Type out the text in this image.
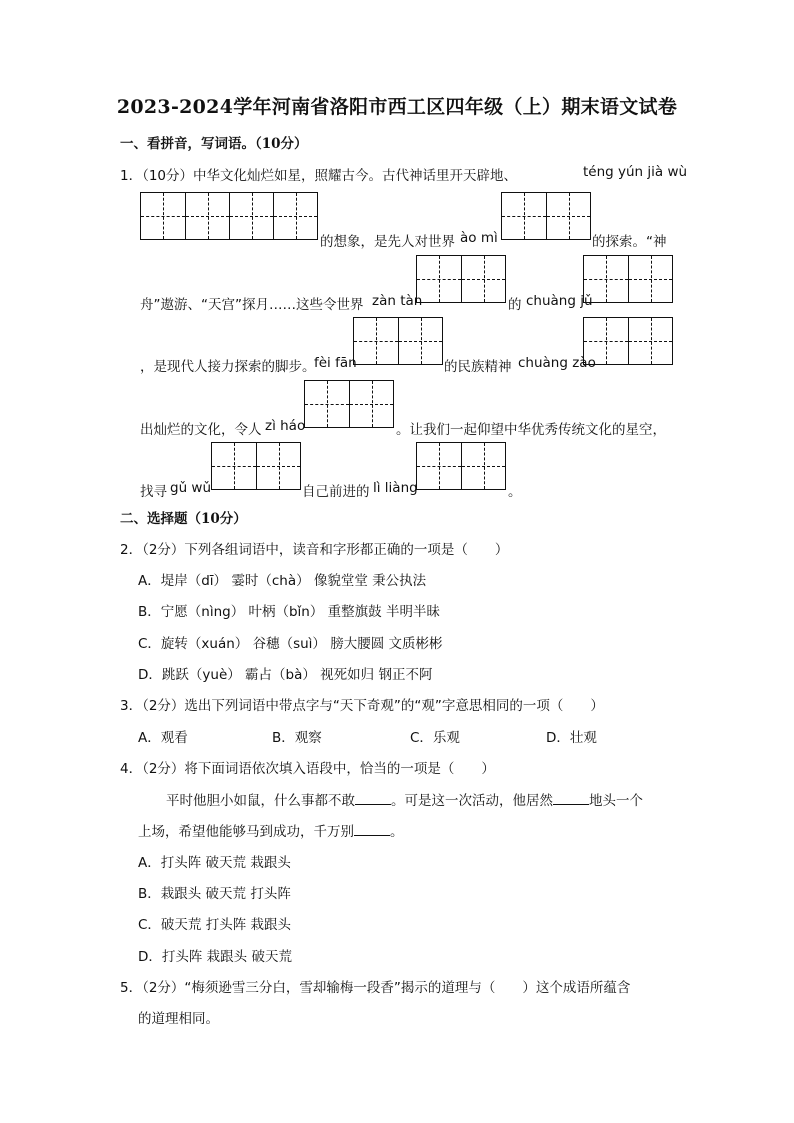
2023-2024学年河南省洛阳市西工区四年级（上）期末语文试卷
一、看拼音，写词语。（10分）
1．（10分）中华文化灿烂如星，照耀古今。古代神话里开天辟地、	téng yún jià wù
的想象，是先人对世界 ào mì	的探索。“神
舟”遨游、“天宫”探月……这些令世界 zàn tàn	的 chuàng jǔ
，是现代人接力探索的脚步。
fèi fān	的民族精神 chuàng zào
出灿烂的文化，令人 zì háo	。让我们一起仰望中华优秀传统文化的星空，
找寻 gǔ wǔ	自己前进的 lì liàng	。
二、选择题（10分）
2．（2分）下列各组词语中，读音和字形都正确的一项是（　　）
A．堤岸（dī） 霎时（chà） 像貌堂堂 秉公执法
B．宁愿（nìng） 叶柄（bǐn） 重整旗鼓 半明半昧
C．旋转（xuán） 谷穗（suì） 膀大腰圆 文质彬彬
D．跳跃（yuè） 霸占（bà） 视死如归 钢正不阿
3．（2分）选出下列词语中带点字与“天下奇观”的“观”字意思相同的一项（　　）
A．观看	B．观察	C．乐观	D．壮观
4．（2分）将下面词语依次填入语段中，恰当的一项是（　　）
平时他胆小如鼠，什么事都不敢	。可是这一次活动，他居然	地头一个
上场，希望他能够马到成功，千万别	。
A．打头阵 破天荒 栽跟头
B．栽跟头 破天荒 打头阵
C．破天荒 打头阵 栽跟头
D．打头阵 栽跟头 破天荒
5．（2分）“梅须逊雪三分白，雪却输梅一段香”揭示的道理与（　　）这个成语所蕴含
的道理相同。
